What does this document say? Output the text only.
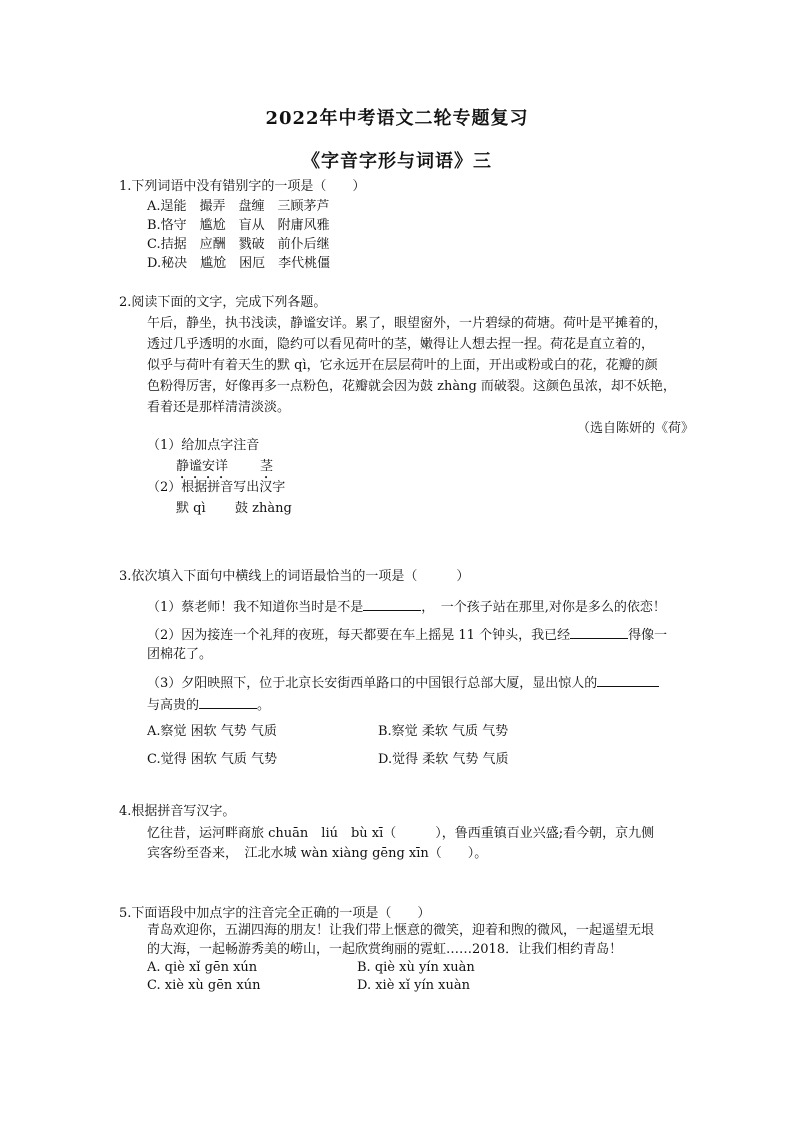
2022年中考语文二轮专题复习
《字音字形与词语》三
1.下列词语中没有错别字的一项是（　　）
A.逞能　撮弄　盘缠　三顾茅芦
B.恪守　尴尬　盲从　附庸风雅
C.拮据　应酬　戮破　前仆后继
D.秘决　尴尬　困厄　李代桃僵
2.阅读下面的文字，完成下列各题。
午后，静坐，执书浅读，静谧安详。累了，眼望窗外，一片碧绿的荷塘。荷叶是平摊着的，
透过几乎透明的水面，隐约可以看见荷叶的茎，嫩得让人想去捏一捏。荷花是直立着的，
似乎与荷叶有着天生的默 qì，它永远开在层层荷叶的上面，开出或粉或白的花，花瓣的颜
色粉得厉害，好像再多一点粉色，花瓣就会因为鼓 zhàng 而破裂。这颜色虽浓，却不妖艳，
看着还是那样清清淡淡。
（选自陈妍的《荷》
（1）给加点字注音
静谧安详 茎
（2）根据拼音写出汉字
默 qì 鼓 zhàng
3.依次填入下面句中横线上的词语最恰当的一项是（　　　）
（1）蔡老师！我不知道你当时是不是	，　一个孩子站在那里,对你是多么的依恋！
（2）因为接连一个礼拜的夜班，每天都要在车上摇晃 11 个钟头，我已经	得像一
团棉花了。
（3）夕阳映照下，位于北京长安街西单路口的中国银行总部大厦，显出惊人的
与高贵的	。
A.察觉 困软 气势 气质	B.察觉 柔软 气质 气势
C.觉得 困软 气质 气势	D.觉得 柔软 气势 气质
4.根据拼音写汉字。
忆往昔，运河畔商旅 chuān　liú　bù xī（　　　），鲁西重镇百业兴盛;看今朝，京九侧
宾客纷至沓来，　江北水城 wàn xiàng gēng xīn（　　）。
5.下面语段中加点字的注音完全正确的一项是（　　）
青岛欢迎你，五湖四海的朋友！让我们带上惬意的微笑，迎着和煦的微风，一起遥望无垠
的大海，一起畅游秀美的崂山，一起欣赏绚丽的霓虹……2018．让我们相约青岛！
A. qiè xǐ gēn xún	B. qiè xù yín xuàn
C. xiè xù gēn xún	D. xiè xǐ yín xuàn
